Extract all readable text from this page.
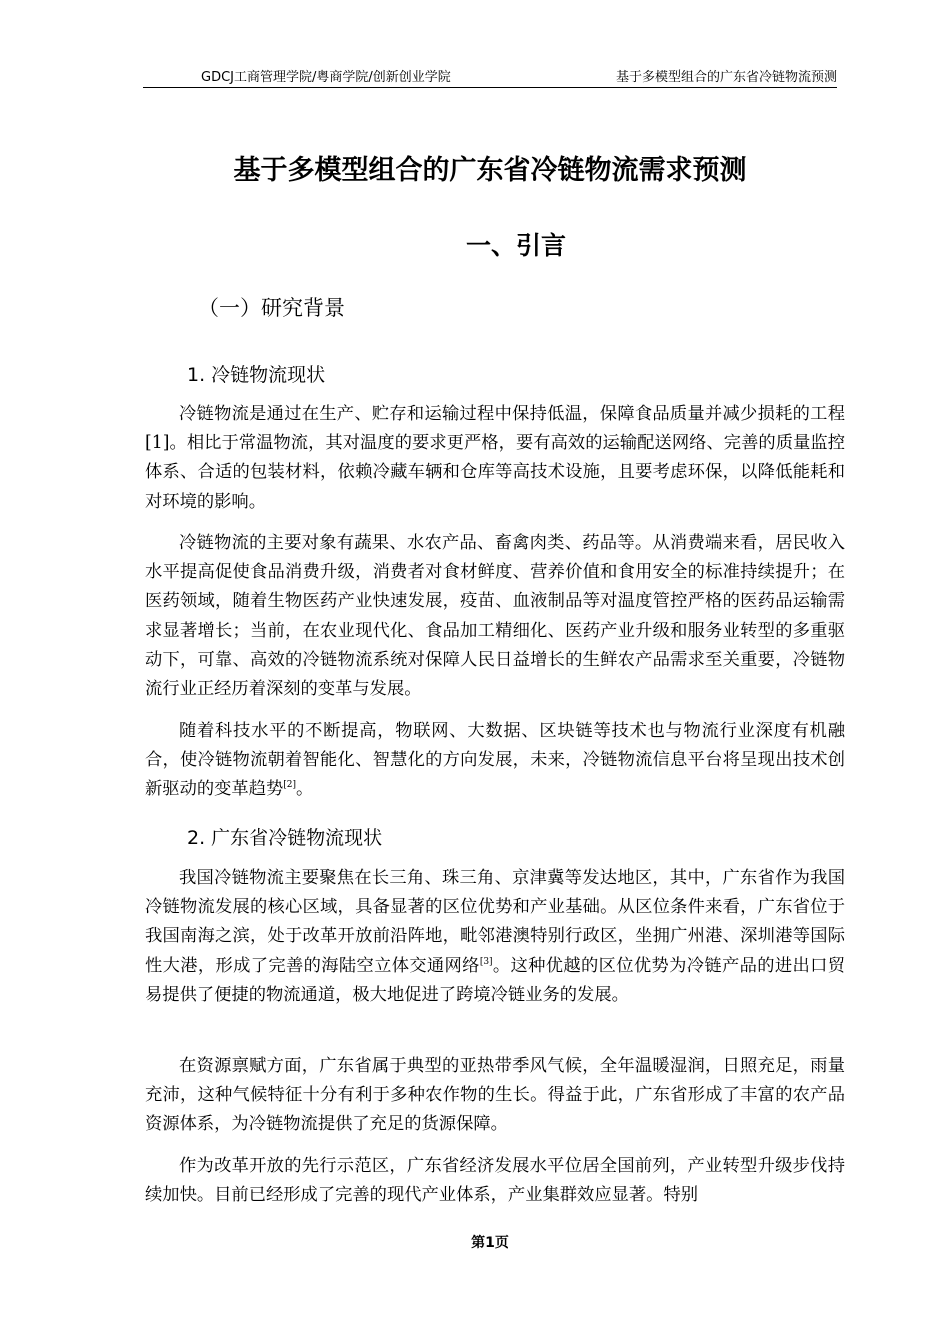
GDCJ工商管理学院/粤商学院/创新创业学院	基于多模型组合的广东省冷链物流预测
基于多模型组合的广东省冷链物流需求预测
一、引言
（一）研究背景
1. 冷链物流现状

冷链物流是通过在生产、贮存和运输过程中保持低温，保障食品质量并减少损耗的工程[1]。相比于常温物流，其对温度的要求更严格，要有高效的运输配送网络、完善的质量监控体系、合适的包装材料，依赖冷藏车辆和仓库等高技术设施，且要考虑环保，以降低能耗和对环境的影响。

冷链物流的主要对象有蔬果、水农产品、畜禽肉类、药品等。从消费端来看，居民收入水平提高促使食品消费升级，消费者对食材鲜度、营养价值和食用安全的标准持续提升；在医药领域，随着生物医药产业快速发展，疫苗、血液制品等对温度管控严格的医药品运输需求显著增长；当前，在农业现代化、食品加工精细化、医药产业升级和服务业转型的多重驱动下，可靠、高效的冷链物流系统对保障人民日益增长的生鲜农产品需求至关重要，冷链物流行业正经历着深刻的变革与发展。

随着科技水平的不断提高，物联网、大数据、区块链等技术也与物流行业深度有机融合，使冷链物流朝着智能化、智慧化的方向发展，未来，冷链物流信息平台将呈现出技术创新驱动的变革趋势[2]。

2. 广东省冷链物流现状

我国冷链物流主要聚焦在长三角、珠三角、京津冀等发达地区，其中，广东省作为我国冷链物流发展的核心区域，具备显著的区位优势和产业基础。从区位条件来看，广东省位于我国南海之滨，处于改革开放前沿阵地，毗邻港澳特别行政区，坐拥广州港、深圳港等国际性大港，形成了完善的海陆空立体交通网络[3]。这种优越的区位优势为冷链产品的进出口贸易提供了便捷的物流通道，极大地促进了跨境冷链业务的发展。

在资源禀赋方面，广东省属于典型的亚热带季风气候，全年温暖湿润，日照充足，雨量充沛，这种气候特征十分有利于多种农作物的生长。得益于此，广东省形成了丰富的农产品资源体系，为冷链物流提供了充足的货源保障。

作为改革开放的先行示范区，广东省经济发展水平位居全国前列，产业转型升级步伐持续加快。目前已经形成了完善的现代产业体系，产业集群效应显著。特别

第1页
